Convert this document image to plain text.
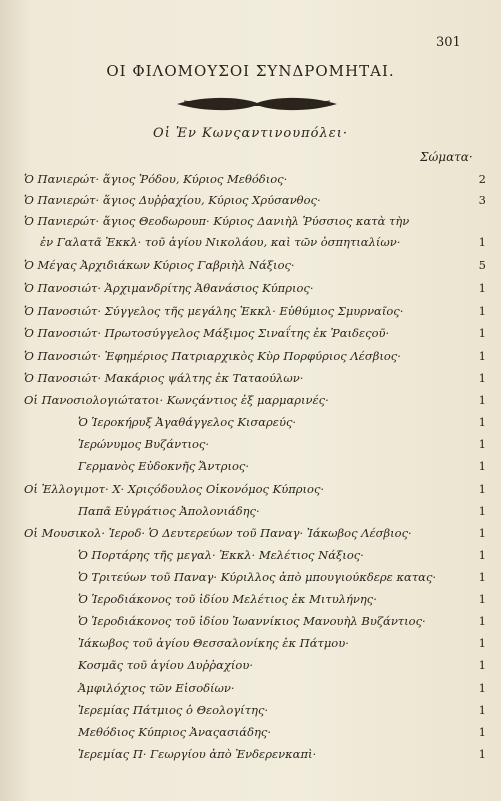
301
ΟΙ ΦΙΛΟΜΟΥΣΟΙ ΣΥΝΔΡΟΜΗΤΑΙ.
Οἱ Ἐν Κωνςαντινουπόλει·
Σώματα·
Ὁ Πανιερώτ· ἅγιος Ῥόδου, Κύριος Μεθόδιος·	2
Ὁ Πανιερώτ· ἅγιος Δυῤῥαχίου, Κύριος Χρύσανθος·	3
Ὁ Πανιερώτ· ἅγιος Θεοδωρουπ· Κύριος Δανιὴλ Ῥύσσιος κατὰ τὴν
ἐν Γαλατᾶ Ἐκκλ· τοῦ ἁγίου Νικολάου, καὶ τῶν ὀσπητιαλίων·	1
Ὁ Μέγας Ἀρχιδιάκων Κύριος Γαβριὴλ Νάξιος·	5
Ὁ Πανοσιώτ· Ἀρχιμανδρίτης Ἀθανάσιος Κύπριος·	1
Ὁ Πανοσιώτ· Σύγγελος τῆς μεγάλης Ἐκκλ· Εὐθύμιος Σμυρναῖος·	1
Ὁ Πανοσιώτ· Πρωτοσύγγελος Μάξιμος Σιναΐτης ἐκ Ῥαιδεςοῦ·	1
Ὁ Πανοσιώτ· Ἐφημέριος Πατριαρχικὸς Κὺρ Πορφύριος Λέσβιος·	1
Ὁ Πανοσιώτ· Μακάριος ψάλτης ἐκ Ταταούλων·	1
Οἱ Πανοσιολογιώτατοι· Κωνςάντιος ἐξ μαρμαρινές·	1
Ὁ Ἱεροκήρυξ Ἀγαθάγγελος Κισαρεύς·	1
Ἱερώνυμος Βυζάντιος·	1
Γερμανὸς Εὐδοκνῆς Ἄντριος·	1
Οἱ Ἐλλογιμοτ· Χ· Χριςόδουλος Οἰκονόμος Κύπριος·	1
Παπᾶ Εὐγράτιος Ἀπολονιάδης·	1
Οἱ Μουσικολ· Ἱεροδ· Ὁ Δευτερεύων τοῦ Παναγ· Ἰάκωβος Λέσβιος·	1
Ὁ Πορτάρης τῆς μεγαλ· Ἐκκλ· Μελέτιος Νάξιος·	1
Ὁ Τριτεύων τοῦ Παναγ· Κύριλλος ἀπὸ μπουγιούκδερε κατας·	1
Ὁ Ἱεροδιάκονος τοῦ ἰδίου Μελέτιος ἐκ Μιτυλήνης·	1
Ὁ Ἱεροδιάκονος τοῦ ἰδίου Ἰωαννίκιος Μανουὴλ Βυζάντιος·	1
Ἰάκωβος τοῦ ἁγίου Θεσσαλονίκης ἐκ Πάτμου·	1
Κοσμᾶς τοῦ ἁγίου Δυῤῥαχίου·	1
Ἀμφιλόχιος τῶν Εἰσοδίων·	1
Ἱερεμίας Πάτμιος ὁ Θεολογίτης·	1
Μεθόδιος Κύπριος Ἀναςασιάδης·	1
Ἱερεμίας Π· Γεωργίου ἀπὸ Ἐνδερενκαπὶ·	1
